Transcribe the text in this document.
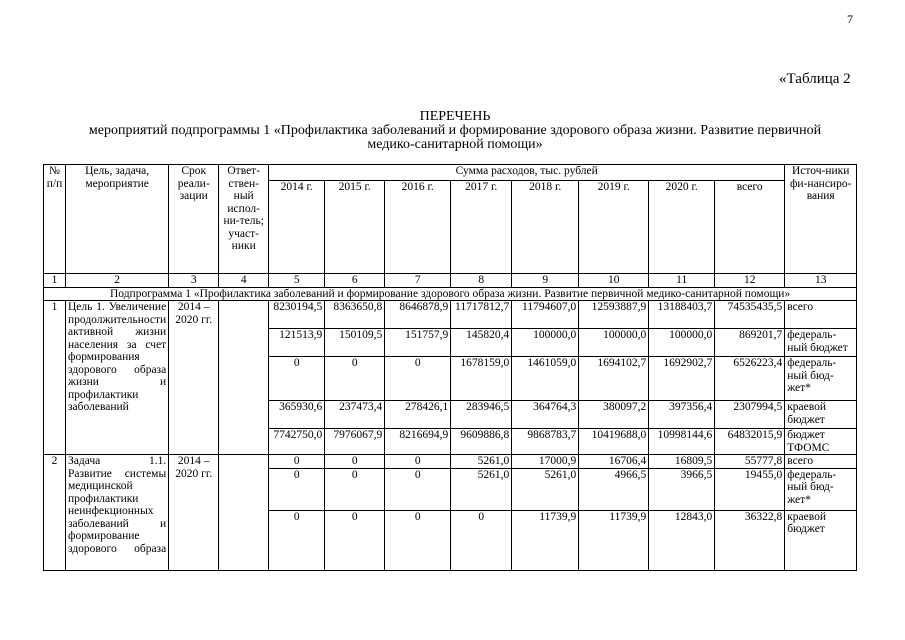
7
«Таблица 2
ПЕРЕЧЕНЬ
мероприятий подпрограммы 1 «Профилактика заболеваний и формирование здорового образа жизни. Развитие первичной
медико-санитарной помощи»
№ п/п	Цель, задача, мероприятие	Срок реали-зации	Ответ-ствен-ный испол-ни-тель; участ-ники	Сумма расходов, тыс. рублей								Источ-ники фи-нансиро-вания
				2014 г.	2015 г.	2016 г.	2017 г.	2018 г.	2019 г.	2020 г.	всего	
1	2	3	4	5	6	7	8	9	10	11	12	13
Подпрограмма 1 «Профилактика заболеваний и формирование здорового образа жизни. Развитие первичной медико-санитарной помощи»												
1	Цель 1. Увеличение продолжительности активной жизни населения за счет формирования здорового образа жизни и профилактики заболеваний	2014 – 2020 гг.		8230194,5	8363650,8	8646878,9	11717812,7	11794607,0	12593887,9	13188403,7	74535435,5	всего
				121513,9	150109,5	151757,9	145820,4	100000,0	100000,0	100000,0	869201,7	федераль-ный бюджет
				0	0	0	1678159,0	1461059,0	1694102,7	1692902,7	6526223,4	федераль-ный бюд-жет*
				365930,6	237473,4	278426,1	283946,5	364764,3	380097,2	397356,4	2307994,5	краевой бюджет
				7742750,0	7976067,9	8216694,9	9609886,8	9868783,7	10419688,0	10998144,6	64832015,9	бюджет ТФОМС
2	Задача 1.1. Развитие системы медицинской профилактики неинфекционных заболеваний и формирование здорового образа	2014 – 2020 гг.		0	0	0	5261,0	17000,9	16706,4	16809,5	55777,8	всего
				0	0	0	5261,0	5261,0	4966,5	3966,5	19455,0	федераль-ный бюд-жет*
				0	0	0	0	11739,9	11739,9	12843,0	36322,8	краевой бюджет
